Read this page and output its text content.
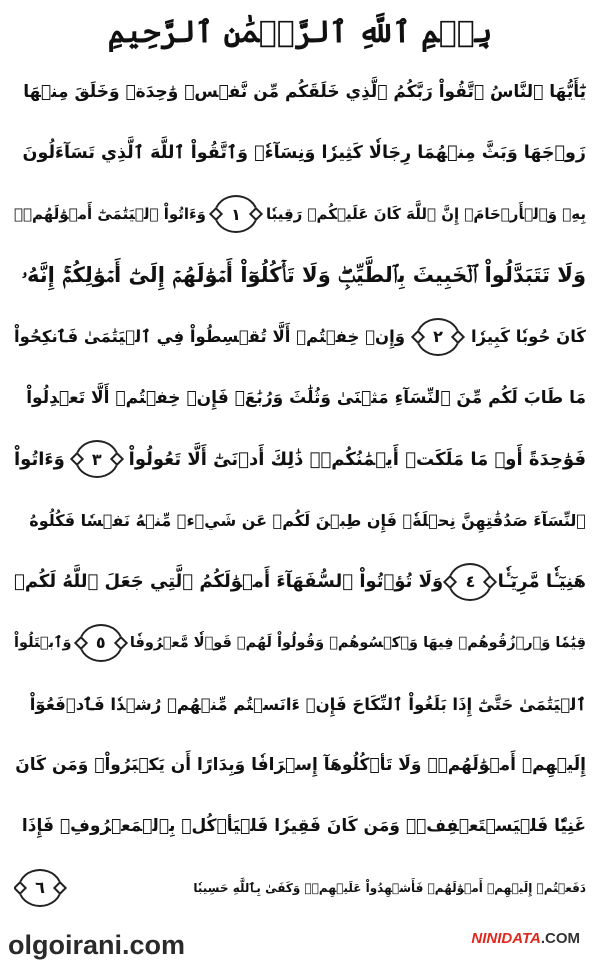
بِسۡمِ ٱللَّهِ ٱلرَّحۡمَٰنِ ٱلرَّحِيمِ
يَٰٓأَيُّهَا ٱلنَّاسُ ٱتَّقُواْ رَبَّكُمُ ٱلَّذِي خَلَقَكُم مِّن نَّفۡسٖ وَٰحِدَةٖ وَخَلَقَ مِنۡهَا
زَوۡجَهَا وَبَثَّ مِنۡهُمَا رِجَالٗا كَثِيرٗا وَنِسَآءٗۚ وَٱتَّقُواْ ٱللَّهَ ٱلَّذِي تَسَآءَلُونَ
بِهِۦ وَٱلۡأَرۡحَامَۚ إِنَّ ٱللَّهَ كَانَ عَلَيۡكُمۡ رَقِيبٗا
١
وَءَاتُواْ ٱلۡيَتَٰمَىٰٓ أَمۡوَٰلَهُمۡۖ
وَلَا تَتَبَدَّلُواْ ٱلۡخَبِيثَ بِٱلطَّيِّبِۖ وَلَا تَأۡكُلُوٓاْ أَمۡوَٰلَهُمۡ إِلَىٰٓ أَمۡوَٰلِكُمۡۚ إِنَّهُۥ
كَانَ حُوبٗا كَبِيرٗا
٢
وَإِنۡ خِفۡتُمۡ أَلَّا تُقۡسِطُواْ فِي ٱلۡيَتَٰمَىٰ فَٱنكِحُواْ
مَا طَابَ لَكُم مِّنَ ٱلنِّسَآءِ مَثۡنَىٰ وَثُلَٰثَ وَرُبَٰعَۖ فَإِنۡ خِفۡتُمۡ أَلَّا تَعۡدِلُواْ
فَوَٰحِدَةً أَوۡ مَا مَلَكَتۡ أَيۡمَٰنُكُمۡۚ ذَٰلِكَ أَدۡنَىٰٓ أَلَّا تَعُولُواْ
٣
وَءَاتُواْ
ٱلنِّسَآءَ صَدُقَٰتِهِنَّ نِحۡلَةٗۚ فَإِن طِبۡنَ لَكُمۡ عَن شَيۡءٖ مِّنۡهُ نَفۡسٗا فَكُلُوهُ
هَنِيٓـٔٗا مَّرِيٓـٔٗا
٤
وَلَا تُؤۡتُواْ ٱلسُّفَهَآءَ أَمۡوَٰلَكُمُ ٱلَّتِي جَعَلَ ٱللَّهُ لَكُمۡ
قِيَٰمٗا وَٱرۡزُقُوهُمۡ فِيهَا وَٱكۡسُوهُمۡ وَقُولُواْ لَهُمۡ قَوۡلٗا مَّعۡرُوفٗا
٥
وَٱبۡتَلُواْ
ٱلۡيَتَٰمَىٰ حَتَّىٰٓ إِذَا بَلَغُواْ ٱلنِّكَاحَ فَإِنۡ ءَانَسۡتُم مِّنۡهُمۡ رُشۡدٗا فَٱدۡفَعُوٓاْ
إِلَيۡهِمۡ أَمۡوَٰلَهُمۡۖ وَلَا تَأۡكُلُوهَآ إِسۡرَافٗا وَبِدَارًا أَن يَكۡبَرُواْۚ وَمَن كَانَ
غَنِيّٗا فَلۡيَسۡتَعۡفِفۡۖ وَمَن كَانَ فَقِيرٗا فَلۡيَأۡكُلۡ بِٱلۡمَعۡرُوفِۚ فَإِذَا
دَفَعۡتُمۡ إِلَيۡهِمۡ أَمۡوَٰلَهُمۡ فَأَشۡهِدُواْ عَلَيۡهِمۡۚ وَكَفَىٰ بِٱللَّهِ حَسِيبٗا
٦
olgoirani.com	NINIDATA.COM
